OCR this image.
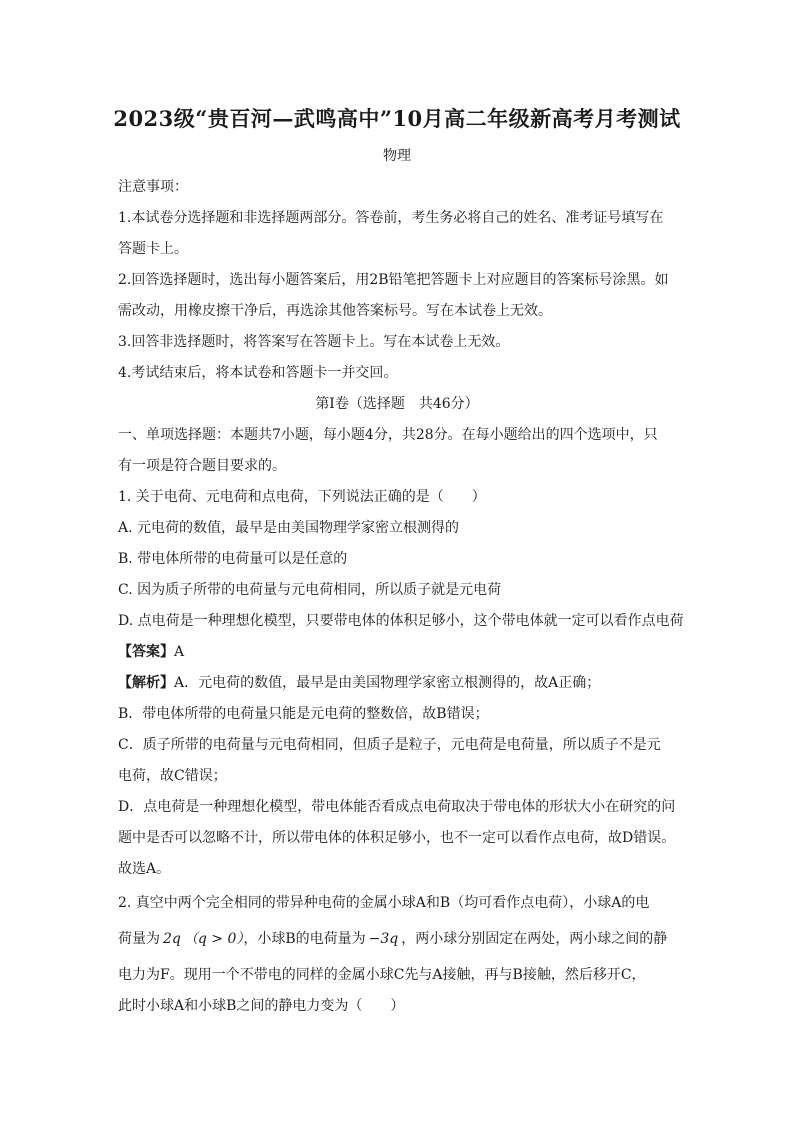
2023级“贵百河—武鸣高中”10月高二年级新高考月考测试
物理
注意事项：
1.本试卷分选择题和非选择题两部分。答卷前，考生务必将自己的姓名、准考证号填写在
答题卡上。
2.回答选择题时，选出每小题答案后，用2B铅笔把答题卡上对应题目的答案标号涂黑。如
需改动，用橡皮擦干净后，再选涂其他答案标号。写在本试卷上无效。
3.回答非选择题时，将答案写在答题卡上。写在本试卷上无效。
4.考试结束后，将本试卷和答题卡一并交回。
第Ⅰ卷（选择题　共46分）
一、单项选择题：本题共7小题，每小题4分，共28分。在每小题给出的四个选项中，只
有一项是符合题目要求的。
1. 关于电荷、元电荷和点电荷，下列说法正确的是（　　）
A. 元电荷的数值，最早是由美国物理学家密立根测得的
B. 带电体所带的电荷量可以是任意的
C. 因为质子所带的电荷量与元电荷相同，所以质子就是元电荷
D. 点电荷是一种理想化模型，只要带电体的体积足够小，这个带电体就一定可以看作点电荷
【答案】A
【解析】A．元电荷的数值，最早是由美国物理学家密立根测得的，故A正确；
B．带电体所带的电荷量只能是元电荷的整数倍，故B错误；
C．质子所带的电荷量与元电荷相同，但质子是粒子，元电荷是电荷量，所以质子不是元
电荷，故C错误；
D．点电荷是一种理想化模型，带电体能否看成点电荷取决于带电体的形状大小在研究的问
题中是否可以忽略不计，所以带电体的体积足够小，也不一定可以看作点电荷，故D错误。
故选A。
2. 真空中两个完全相同的带异种电荷的金属小球A和B（均可看作点电荷），小球A的电
荷量为 2q （q > 0），小球B的电荷量为 −3q ，两小球分别固定在两处，两小球之间的静
电力为F。现用一个不带电的同样的金属小球C先与A接触，再与B接触，然后移开C，
此时小球A和小球B之间的静电力变为（　　）
